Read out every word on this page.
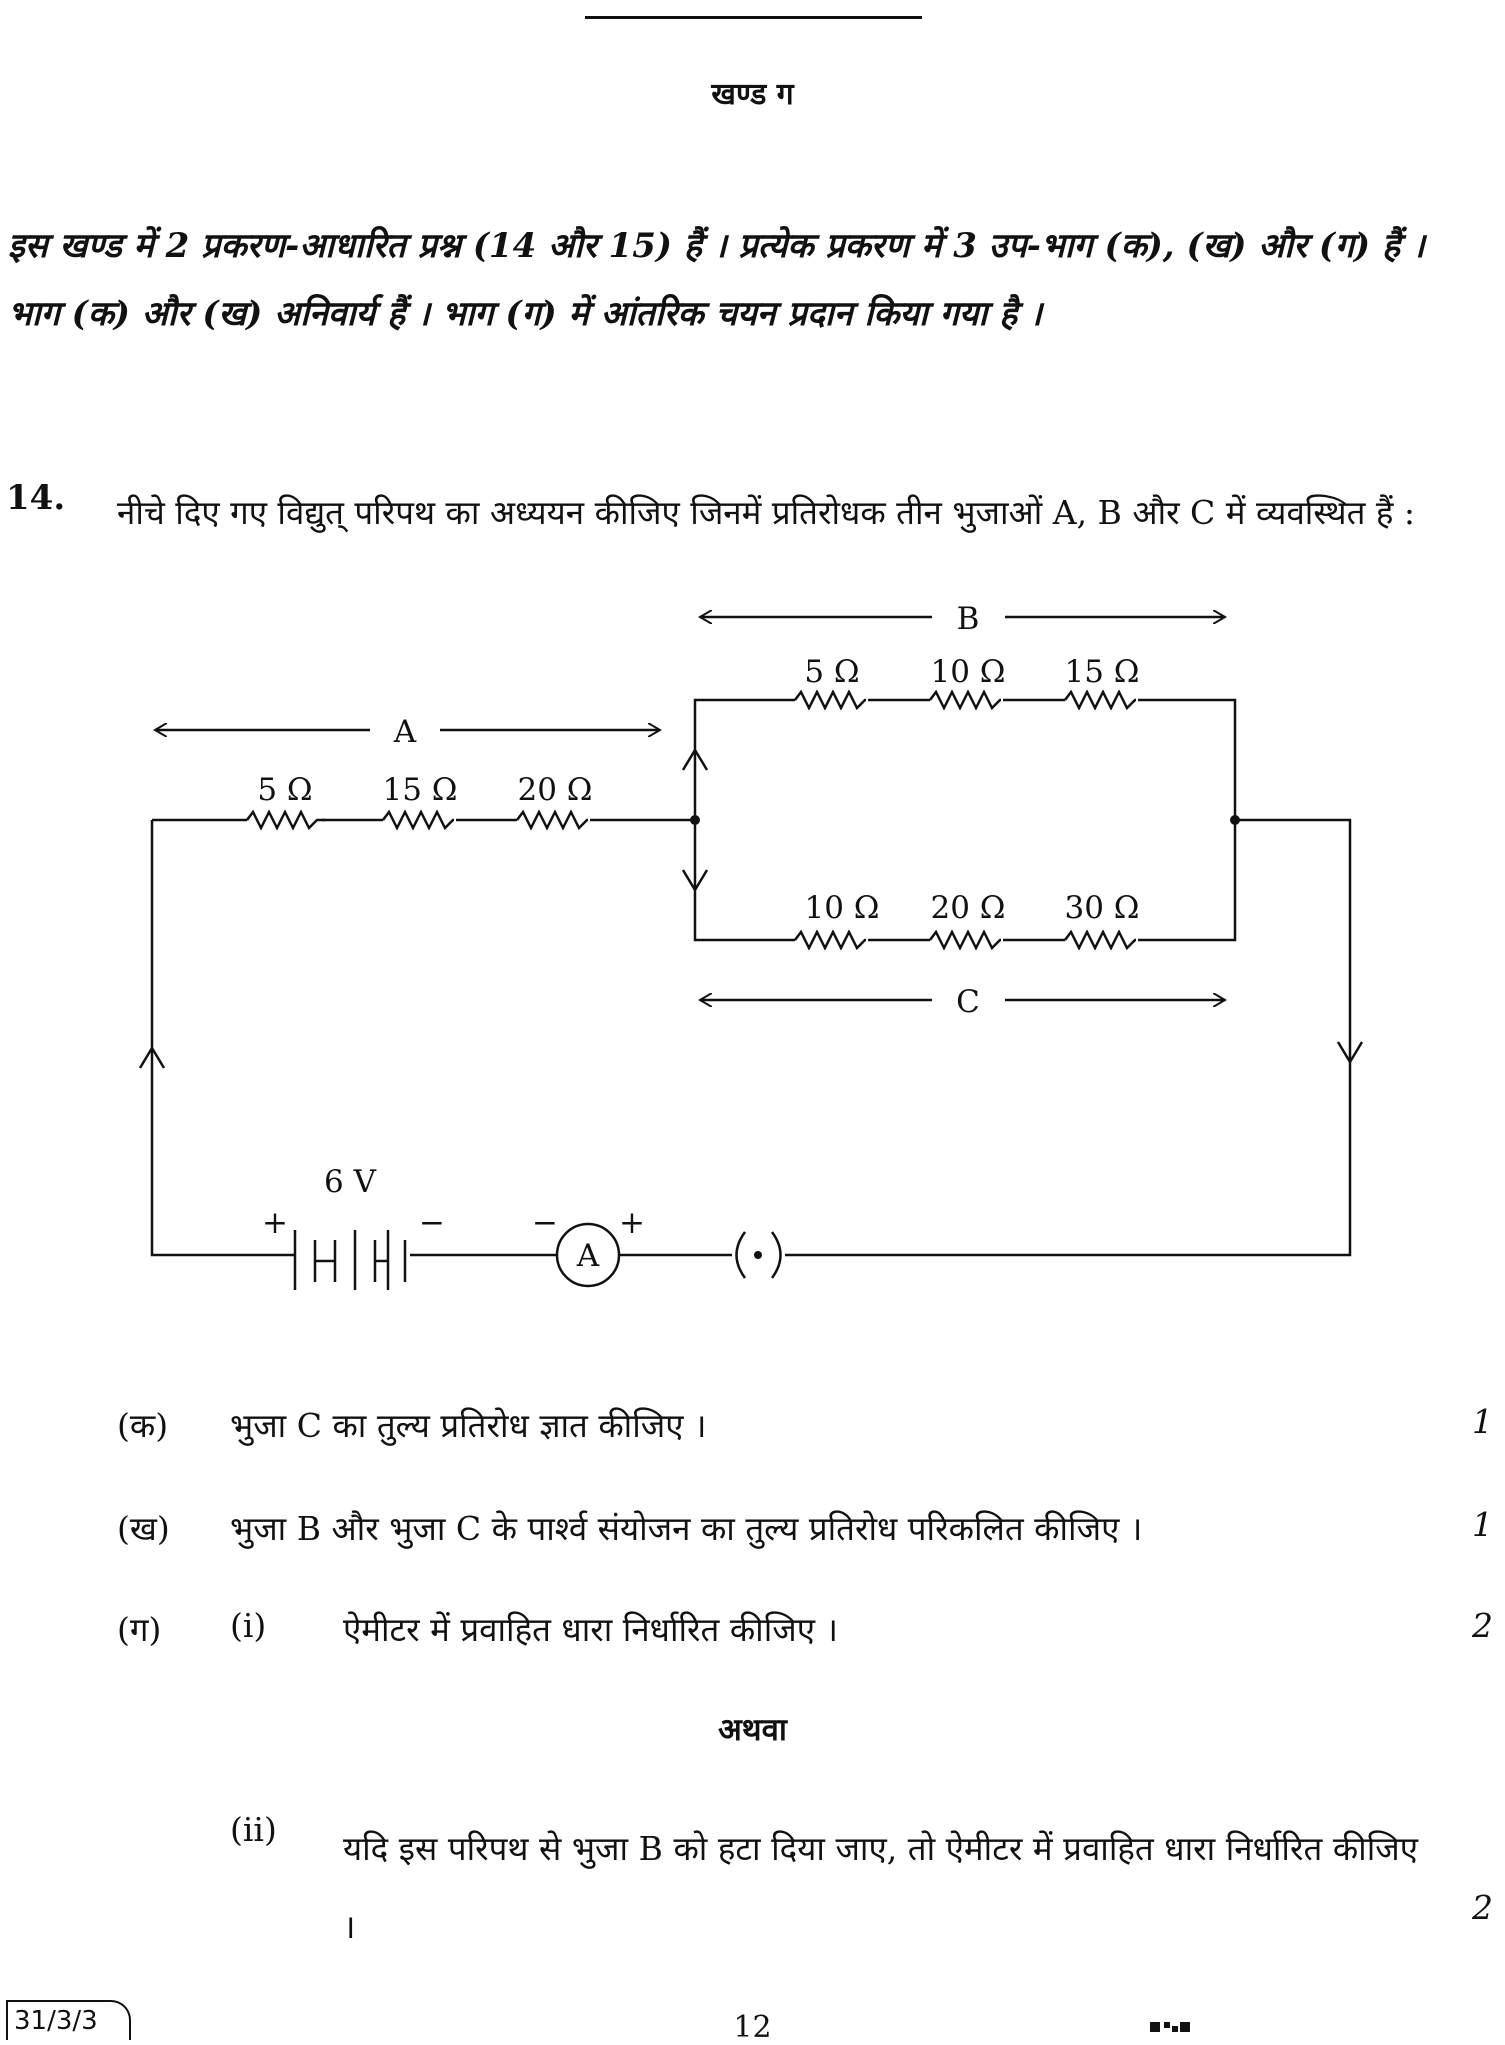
खण्ड ग
इस खण्ड में 2 प्रकरण-आधारित प्रश्न (14 और 15) हैं । प्रत्येक प्रकरण में 3 उप-भाग (क), (ख) और (ग) हैं । भाग (क) और (ख) अनिवार्य हैं । भाग (ग) में आंतरिक चयन प्रदान किया गया है ।
14. नीचे दिए गए विद्युत् परिपथ का अध्ययन कीजिए जिनमें प्रतिरोधक तीन भुजाओं A, B और C में व्यवस्थित हैं :
A
B
C
5 Ω 15 Ω 20 Ω
5 Ω 10 Ω 15 Ω
10 Ω 20 Ω 30 Ω
6 V
+	−
A
− +
(क) भुजा C का तुल्य प्रतिरोध ज्ञात कीजिए ।	1
(ख) भुजा B और भुजा C के पार्श्व संयोजन का तुल्य प्रतिरोध परिकलित कीजिए ।	1
(ग) (i) ऐमीटर में प्रवाहित धारा निर्धारित कीजिए ।	2
अथवा
(ii) यदि इस परिपथ से भुजा B को हटा दिया जाए, तो ऐमीटर में प्रवाहित धारा निर्धारित कीजिए ।	2
31/3/3	12
